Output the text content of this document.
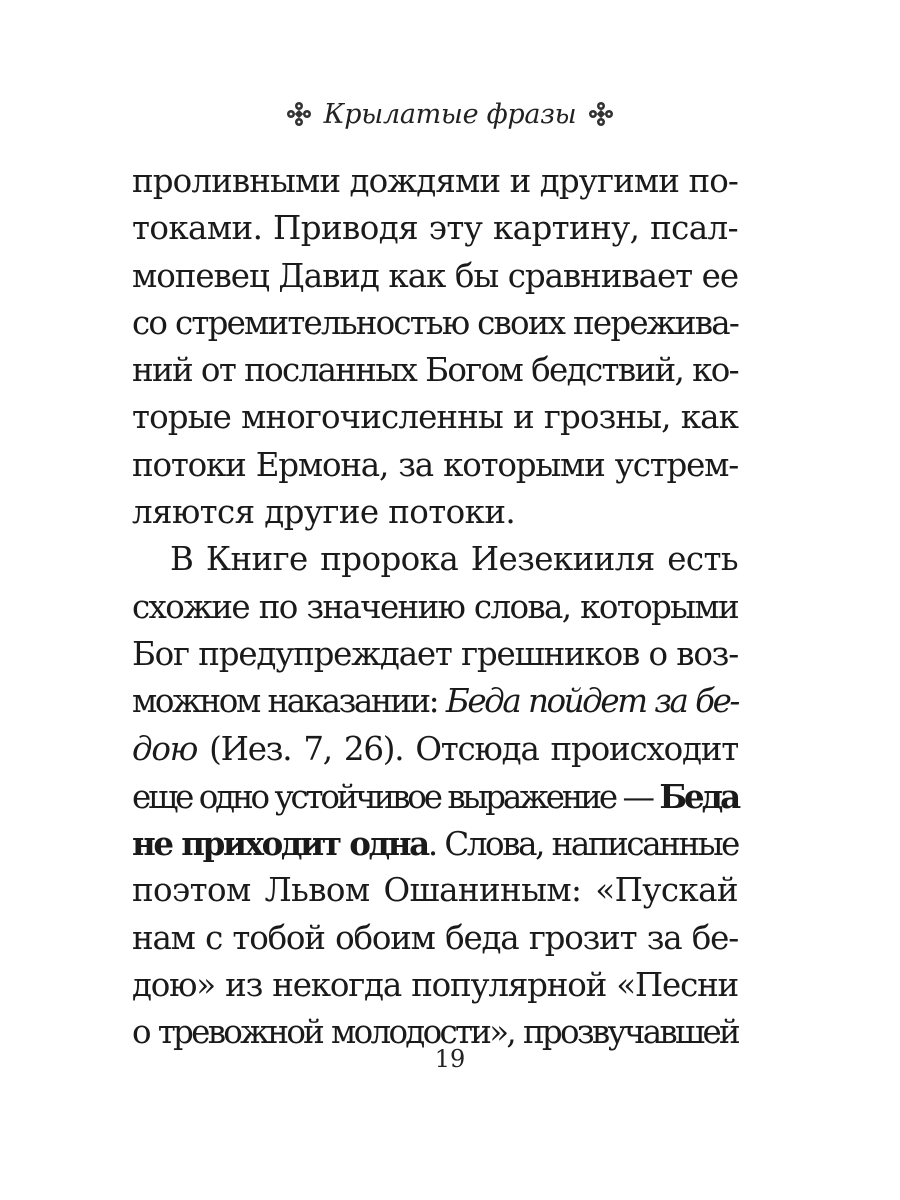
Крылатые фразы
проливными дождями и другими по-
токами. Приводя эту картину, псал-
мопевец Давид как бы сравнивает ее
со стремительностью своих пережива-
ний от посланных Богом бедствий, ко-
торые многочисленны и грозны, как
потоки Ермона, за которыми устрем-
ляются другие потоки.
В Книге пророка Иезекииля есть
схожие по значению слова, которыми
Бог предупреждает грешников о воз-
можном наказании: Беда пойдет за бе-
дою (Иез. 7, 26). Отсюда происходит
еще одно устойчивое выражение — Беда
не приходит одна. Слова, написанные
поэтом Львом Ошаниным: «Пускай
нам с тобой обоим беда грозит за бе-
дою» из некогда популярной «Песни
о тревожной молодости», прозвучавшей
19
